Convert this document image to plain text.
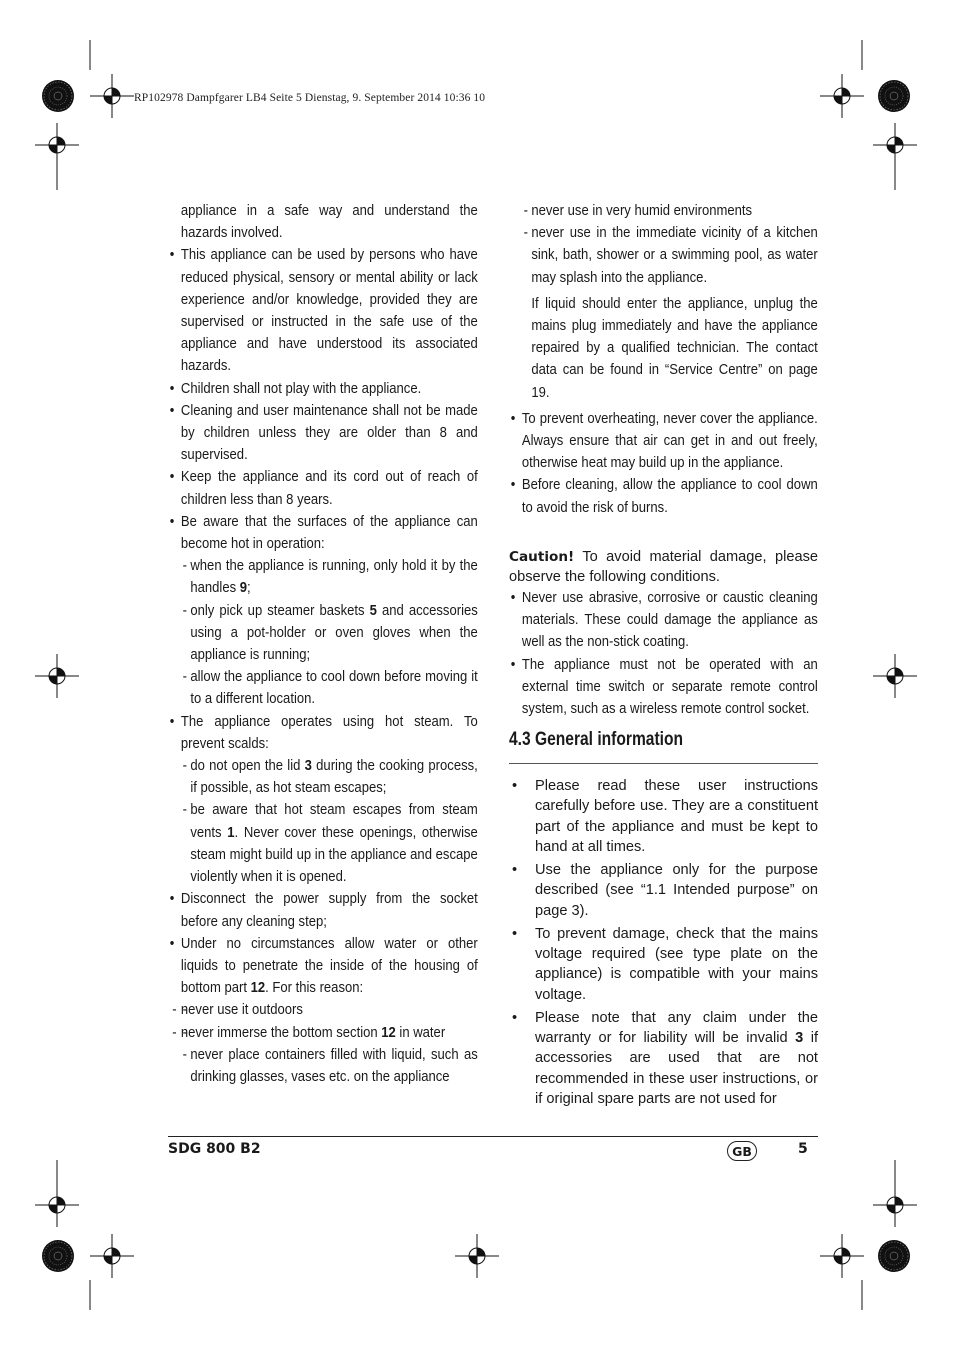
RP102978 Dampfgarer LB4 Seite 5 Dienstag, 9. September 2014 10:36 10

appliance in a safe way and understand the hazards involved.

• This appliance can be used by persons who have reduced physical, sensory or mental ability or lack experience and/or knowledge, provided they are supervised or instructed in the safe use of the appliance and have understood its associated hazards.

• Children shall not play with the appliance.

• Cleaning and user maintenance shall not be made by children unless they are older than 8 and supervised.

• Keep the appliance and its cord out of reach of children less than 8 years.

• Be aware that the surfaces of the appliance can become hot in operation:

- when the appliance is running, only hold it by the handles 9;

- only pick up steamer baskets 5 and accessories using a pot-holder or oven gloves when the appliance is running;

- allow the appliance to cool down before moving it to a different location.

• The appliance operates using hot steam. To prevent scalds:

- do not open the lid 3 during the cooking process, if possible, as hot steam escapes;

- be aware that hot steam escapes from steam vents 1. Never cover these openings, otherwise steam might build up in the appliance and escape violently when it is opened.

• Disconnect the power supply from the socket before any cleaning step;

• Under no circumstances allow water or other liquids to penetrate the inside of the housing of bottom part 12. For this reason:

- - never use it outdoors

- - never immerse the bottom section 12 in water

- never place containers filled with liquid, such as drinking glasses, vases etc. on the appliance

- never use in very humid environments

- never use in the immediate vicinity of a kitchen sink, bath, shower or a swimming pool, as water may splash into the appliance.

If liquid should enter the appliance, unplug the mains plug immediately and have the appliance repaired by a qualified technician. The contact data can be found in “Service Centre” on page 19.

• To prevent overheating, never cover the appliance. Always ensure that air can get in and out freely, otherwise heat may build up in the appliance.

• Before cleaning, allow the appliance to cool down to avoid the risk of burns.

Caution! To avoid material damage, please observe the following conditions.

• Never use abrasive, corrosive or caustic cleaning materials. These could damage the appliance as well as the non-stick coating.

• The appliance must not be operated with an external time switch or separate remote control system, such as a wireless remote control socket.

4.3 General information

• Please read these user instructions carefully before use. They are a constituent part of the appliance and must be kept to hand at all times.

• Use the appliance only for the purpose described (see “1.1 Intended purpose” on page 3).

• To prevent damage, check that the mains voltage required (see type plate on the appliance) is compatible with your mains voltage.

• Please note that any claim under the warranty or for liability will be invalid 3 if accessories are used that are not recommended in these user instructions, or if original spare parts are not used for

SDG 800 B2	GB	5
